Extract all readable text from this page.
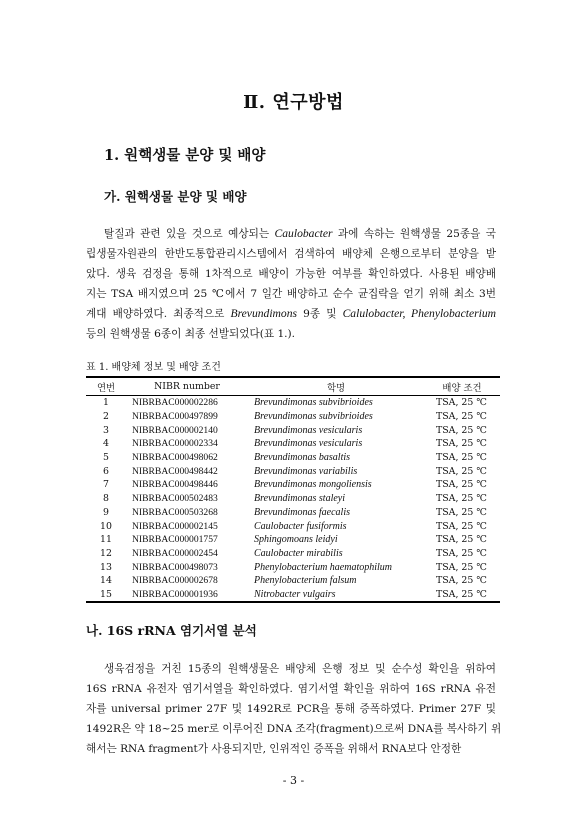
Ⅱ. 연구방법
1. 원핵생물 분양 및 배양
가. 원핵생물 분양 및 배양
탈질과 관련 있을 것으로 예상되는 Caulobacter 과에 속하는 원핵생물 25종을 국
립생물자원관의 한반도통합관리시스템에서 검색하여 배양체 은행으로부터 분양을 받
았다. 생육 검정을 통해 1차적으로 배양이 가능한 여부를 확인하였다. 사용된 배양배
지는 TSA 배지였으며 25 ℃에서 7 일간 배양하고 순수 균집락을 얻기 위해 최소 3번
계대 배양하였다. 최종적으로 Brevundimons 9종 및 Calulobacter, Phenylobacterium
등의 원핵생물 6종이 최종 선발되었다(표 1.).
표 1. 배양체 정보 및 배양 조건
연번	NIBR number	학명	배양 조건
1	NIBRBAC000002286	Brevundimonas subvibrioides	TSA, 25 ℃
2	NIBRBAC000497899	Brevundimonas subvibrioides	TSA, 25 ℃
3	NIBRBAC000002140	Brevundimonas vesicularis	TSA, 25 ℃
4	NIBRBAC000002334	Brevundimonas vesicularis	TSA, 25 ℃
5	NIBRBAC000498062	Brevundimonas basaltis	TSA, 25 ℃
6	NIBRBAC000498442	Brevundimonas variabilis	TSA, 25 ℃
7	NIBRBAC000498446	Brevundimonas mongoliensis	TSA, 25 ℃
8	NIBRBAC000502483	Brevundimonas staleyi	TSA, 25 ℃
9	NIBRBAC000503268	Brevundimonas faecalis	TSA, 25 ℃
10	NIBRBAC000002145	Caulobacter fusiformis	TSA, 25 ℃
11	NIBRBAC000001757	Sphingomoans leidyi	TSA, 25 ℃
12	NIBRBAC000002454	Caulobacter mirabilis	TSA, 25 ℃
13	NIBRBAC000498073	Phenylobacterium haematophilum	TSA, 25 ℃
14	NIBRBAC000002678	Phenylobacterium falsum	TSA, 25 ℃
15	NIBRBAC000001936	Nitrobacter vulgairs	TSA, 25 ℃
나. 16S rRNA 염기서열 분석
생육검정을 거친 15종의 원핵생물은 배양체 은행 정보 및 순수성 확인을 위하여
16S rRNA 유전자 염기서열을 확인하였다. 염기서열 확인을 위하여 16S rRNA 유전
자를 universal primer 27F 및 1492R로 PCR을 통해 증폭하였다. Primer 27F 및
1492R은 약 18~25 mer로 이루어진 DNA 조각(fragment)으로써 DNA를 복사하기 위
해서는 RNA fragment가 사용되지만, 인위적인 증폭을 위해서 RNA보다 안정한
- 3 -
